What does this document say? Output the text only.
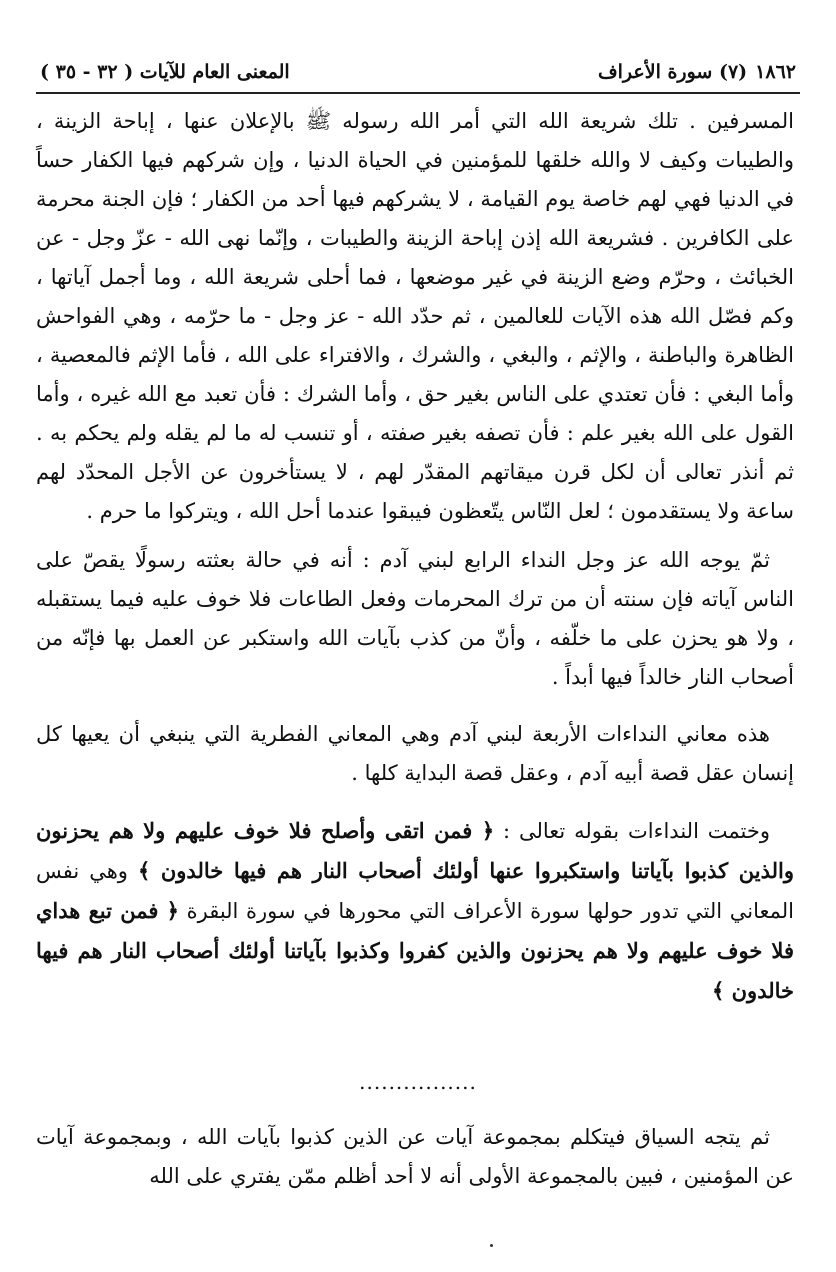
١٨٦٢
(٧) سورة الأعراف
المعنى العام للآيات ( ٣٢ - ٣٥ )

المسرفين . تلك شريعة الله التي أمر الله رسوله ﷺ بالإعلان عنها ، إباحة الزينة ، والطيبات وكيف لا والله خلقها للمؤمنين في الحياة الدنيا ، وإن شركهم فيها الكفار حساً في الدنيا فهي لهم خاصة يوم القيامة ، لا يشركهم فيها أحد من الكفار ؛ فإن الجنة محرمة على الكافرين . فشريعة الله إذن إباحة الزينة والطيبات ، وإنّما نهى الله - عزّ وجل - عن الخبائث ، وحرّم وضع الزينة في غير موضعها ، فما أحلى شريعة الله ، وما أجمل آياتها ، وكم فصّل الله هذه الآيات للعالمين ، ثم حدّد الله - عز وجل - ما حرّمه ، وهي الفواحش الظاهرة والباطنة ، والإثم ، والبغي ، والشرك ، والافتراء على الله ، فأما الإثم فالمعصية ، وأما البغي : فأن تعتدي على الناس بغير حق ، وأما الشرك : فأن تعبد مع الله غيره ، وأما القول على الله بغير علم : فأن تصفه بغير صفته ، أو تنسب له ما لم يقله ولم يحكم به . ثم أنذر تعالى أن لكل قرن ميقاتهم المقدّر لهم ، لا يستأخرون عن الأجل المحدّد لهم ساعة ولا يستقدمون ؛ لعل النّاس يتّعظون فيبقوا عندما أحل الله ، ويتركوا ما حرم .

ثمّ يوجه الله عز وجل النداء الرابع لبني آدم : أنه في حالة بعثته رسولًا يقصّ على الناس آياته فإن سنته أن من ترك المحرمات وفعل الطاعات فلا خوف عليه فيما يستقبله ، ولا هو يحزن على ما خلّفه ، وأنّ من كذب بآيات الله واستكبر عن العمل بها فإنّه من أصحاب النار خالداً فيها أبداً .

هذه معاني النداءات الأربعة لبني آدم وهي المعاني الفطرية التي ينبغي أن يعيها كل إنسان عقل قصة أبيه آدم ، وعقل قصة البداية كلها .

وختمت النداءات بقوله تعالى : ﴿ فمن اتقى وأصلح فلا خوف عليهم ولا هم يحزنون والذين كذبوا بآياتنا واستكبروا عنها أولئك أصحاب النار هم فيها خالدون ﴾ وهي نفس المعاني التي تدور حولها سورة الأعراف التي محورها في سورة البقرة ﴿ فمن تبع هداي فلا خوف عليهم ولا هم يحزنون والذين كفروا وكذبوا بآياتنا أولئك أصحاب النار هم فيها خالدون ﴾

................
ثم يتجه السياق فيتكلم بمجموعة آيات عن الذين كذبوا بآيات الله ، وبمجموعة آيات عن المؤمنين ، فبين بالمجموعة الأولى أنه لا أحد أظلم ممّن يفتري على الله
